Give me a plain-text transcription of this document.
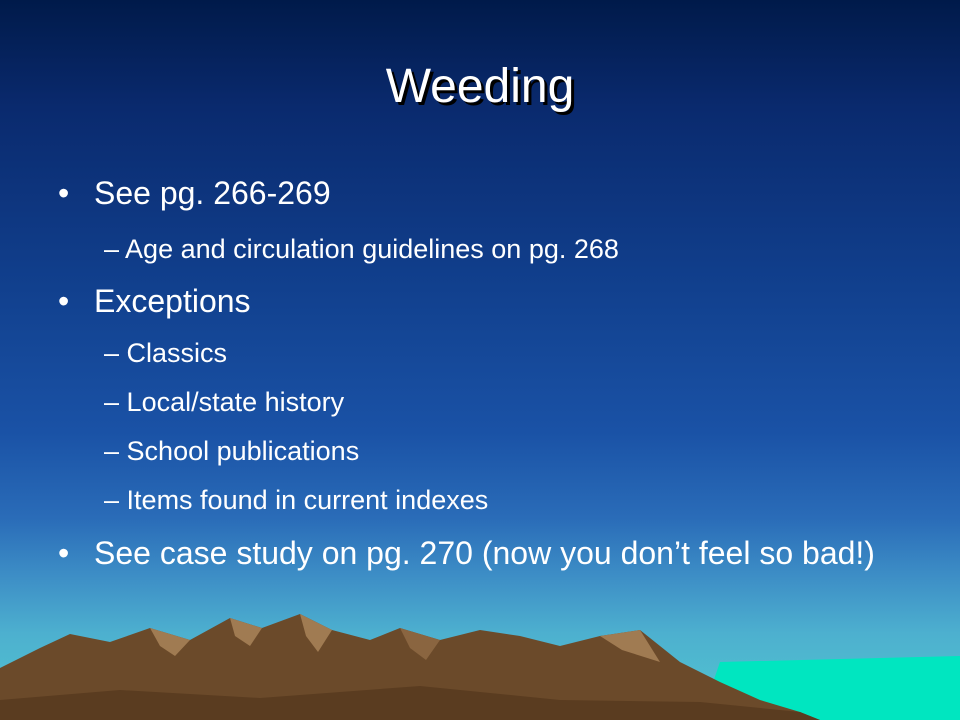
Weeding
• See pg. 266-269
– Age and circulation guidelines on pg. 268
• Exceptions
– Classics
– Local/state history
– School publications
– Items found in current indexes
• See case study on pg. 270 (now you don’t feel so bad!)
